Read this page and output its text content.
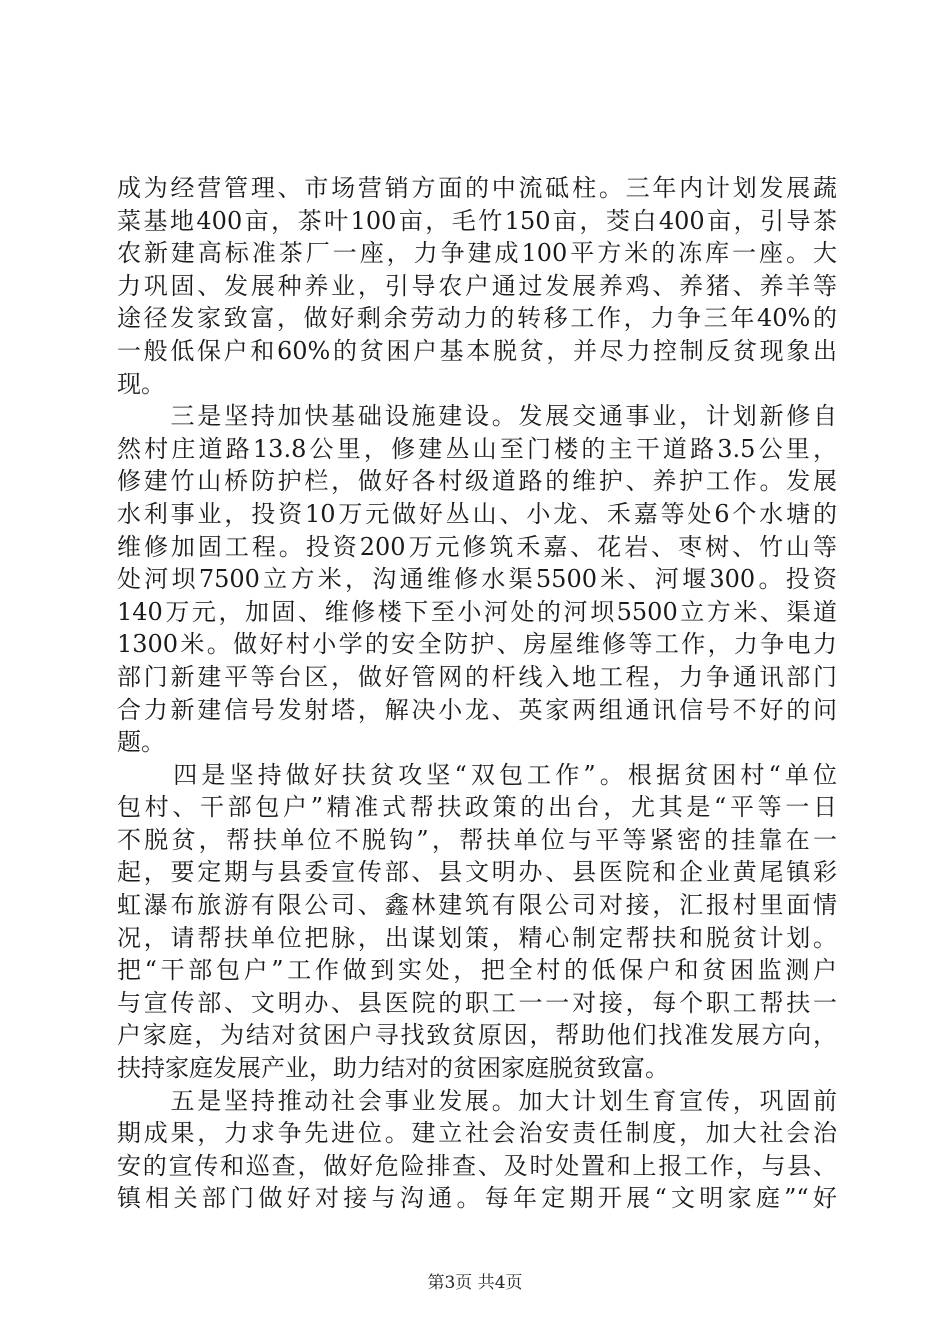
成为经营管理、市场营销方面的中流砥柱。三年内计划发展蔬
菜基地400亩，茶叶100亩，毛竹150亩，茭白400亩，引导茶
农新建高标准茶厂一座，力争建成100平方米的冻库一座。大
力巩固、发展种养业，引导农户通过发展养鸡、养猪、养羊等
途径发家致富，做好剩余劳动力的转移工作，力争三年40%的
一般低保户和60%的贫困户基本脱贫，并尽力控制反贫现象出
现。
　　三是坚持加快基础设施建设。发展交通事业，计划新修自
然村庄道路13.8公里，修建丛山至门楼的主干道路3.5公里，
修建竹山桥防护栏，做好各村级道路的维护、养护工作。发展
水利事业，投资10万元做好丛山、小龙、禾嘉等处6个水塘的
维修加固工程。投资200万元修筑禾嘉、花岩、枣树、竹山等
处河坝7500立方米，沟通维修水渠5500米、河堰300。投资
140万元，加固、维修楼下至小河处的河坝5500立方米、渠道
1300米。做好村小学的安全防护、房屋维修等工作，力争电力
部门新建平等台区，做好管网的杆线入地工程，力争通讯部门
合力新建信号发射塔，解决小龙、英家两组通讯信号不好的问
题。
　　四是坚持做好扶贫攻坚“双包工作”。根据贫困村“单位
包村、干部包户”精准式帮扶政策的出台，尤其是“平等一日
不脱贫，帮扶单位不脱钩”，帮扶单位与平等紧密的挂靠在一
起，要定期与县委宣传部、县文明办、县医院和企业黄尾镇彩
虹瀑布旅游有限公司、鑫林建筑有限公司对接，汇报村里面情
况，请帮扶单位把脉，出谋划策，精心制定帮扶和脱贫计划。
把“干部包户”工作做到实处，把全村的低保户和贫困监测户
与宣传部、文明办、县医院的职工一一对接，每个职工帮扶一
户家庭，为结对贫困户寻找致贫原因，帮助他们找准发展方向，
扶持家庭发展产业，助力结对的贫困家庭脱贫致富。
　　五是坚持推动社会事业发展。加大计划生育宣传，巩固前
期成果，力求争先进位。建立社会治安责任制度，加大社会治
安的宣传和巡查，做好危险排查、及时处置和上报工作，与县、
镇相关部门做好对接与沟通。每年定期开展“文明家庭”“好
第3页 共4页
